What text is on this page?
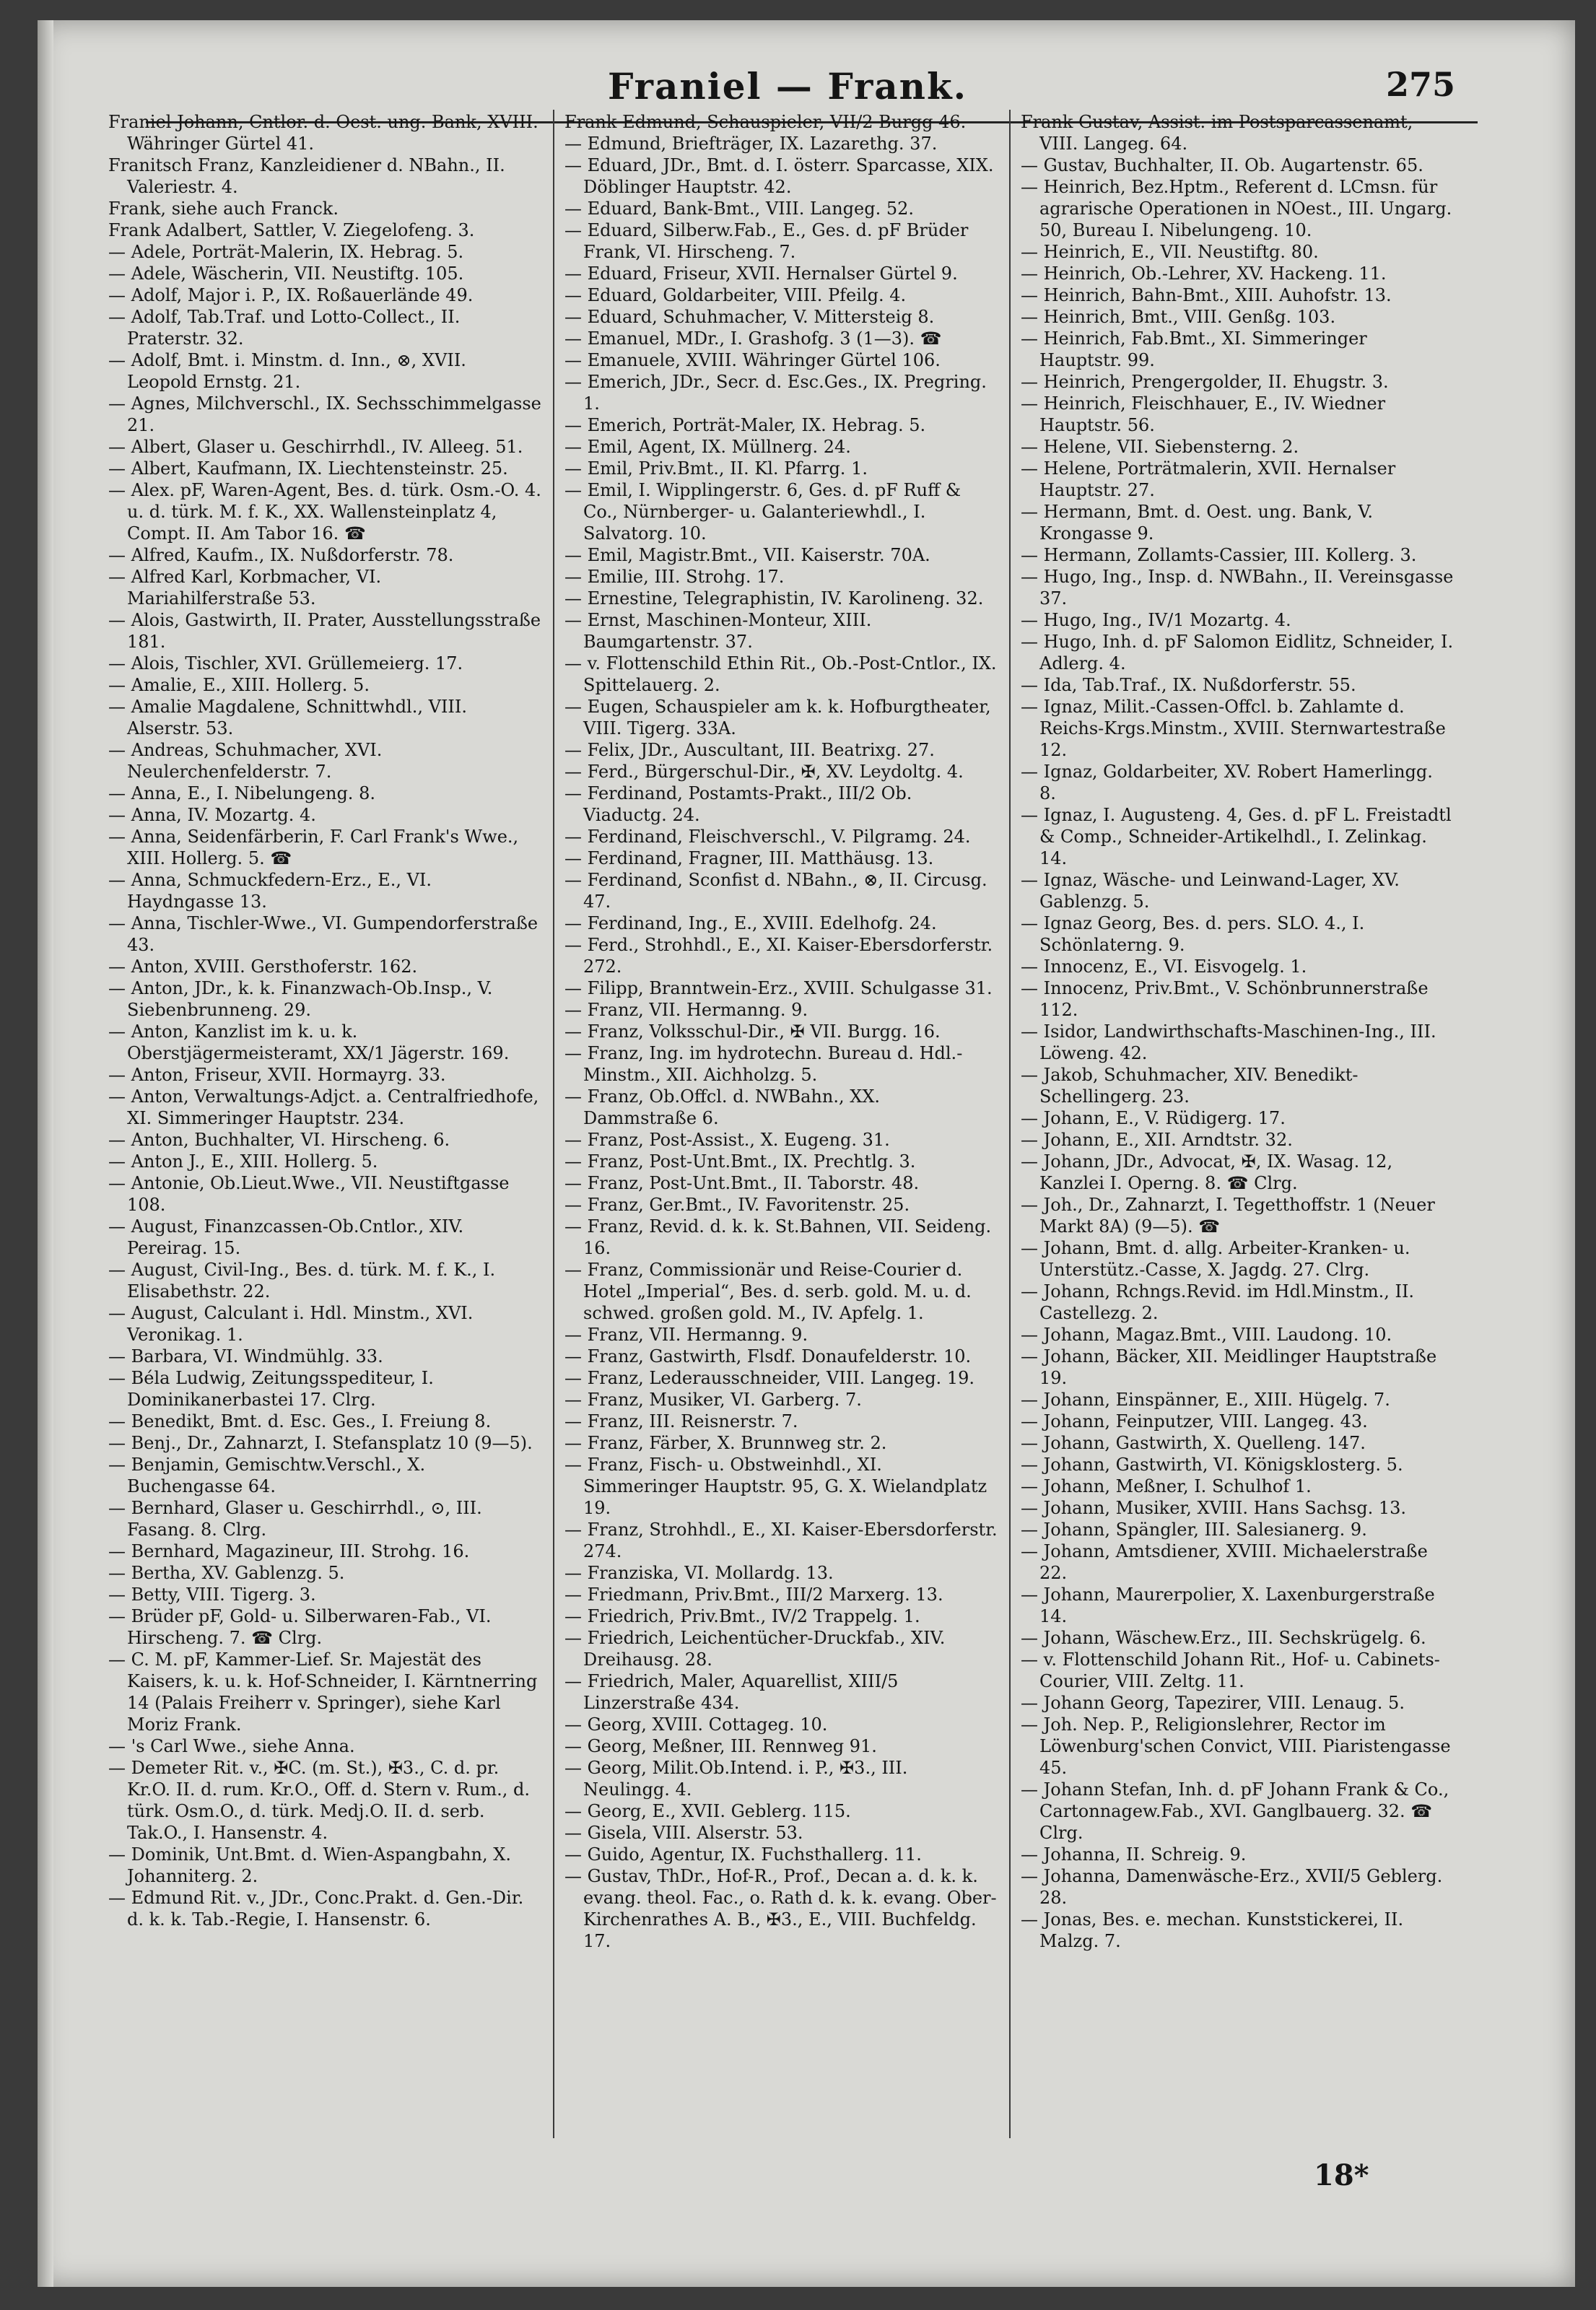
Franiel — Frank.	275
Franiel Johann, Cntlor. d. Oest. ung. Bank, XVIII. Währinger Gürtel 41.
Franitsch Franz, Kanzleidiener d. NBahn., II. Valeriestr. 4.
Frank, siehe auch Franck.
Frank Adalbert, Sattler, V. Ziegelofeng. 3.
— Adele, Porträt-Malerin, IX. Hebrag. 5.
— Adele, Wäscherin, VII. Neustiftg. 105.
— Adolf, Major i. P., IX. Roßauerlände 49.
— Adolf, Tab.Traf. und Lotto-Collect., II. Praterstr. 32.
— Adolf, Bmt. i. Minstm. d. Inn., ⊗, XVII. Leopold Ernstg. 21.
— Agnes, Milchverschl., IX. Sechsschimmelgasse 21.
— Albert, Glaser u. Geschirrhdl., IV. Alleeg. 51.
— Albert, Kaufmann, IX. Liechtensteinstr. 25.
— Alex. pF, Waren-Agent, Bes. d. türk. Osm.-O. 4. u. d. türk. M. f. K., XX. Wallensteinplatz 4, Compt. II. Am Tabor 16. ☎
— Alfred, Kaufm., IX. Nußdorferstr. 78.
— Alfred Karl, Korbmacher, VI. Mariahilferstraße 53.
— Alois, Gastwirth, II. Prater, Ausstellungsstraße 181.
— Alois, Tischler, XVI. Grüllemeierg. 17.
— Amalie, E., XIII. Hollerg. 5.
— Amalie Magdalene, Schnittwhdl., VIII. Alserstr. 53.
— Andreas, Schuhmacher, XVI. Neulerchenfelderstr. 7.
— Anna, E., I. Nibelungeng. 8.
— Anna, IV. Mozartg. 4.
— Anna, Seidenfärberin, F. Carl Frank's Wwe., XIII. Hollerg. 5. ☎
— Anna, Schmuckfedern-Erz., E., VI. Haydngasse 13.
— Anna, Tischler-Wwe., VI. Gumpendorferstraße 43.
— Anton, XVIII. Gersthoferstr. 162.
— Anton, JDr., k. k. Finanzwach-Ob.Insp., V. Siebenbrunneng. 29.
— Anton, Kanzlist im k. u. k. Oberstjägermeisteramt, XX/1 Jägerstr. 169.
— Anton, Friseur, XVII. Hormayrg. 33.
— Anton, Verwaltungs-Adjct. a. Centralfriedhofe, XI. Simmeringer Hauptstr. 234.
— Anton, Buchhalter, VI. Hirscheng. 6.
— Anton J., E., XIII. Hollerg. 5.
— Antonie, Ob.Lieut.Wwe., VII. Neustiftgasse 108.
— August, Finanzcassen-Ob.Cntlor., XIV. Pereirag. 15.
— August, Civil-Ing., Bes. d. türk. M. f. K., I. Elisabethstr. 22.
— August, Calculant i. Hdl. Minstm., XVI. Veronikag. 1.
— Barbara, VI. Windmühlg. 33.
— Béla Ludwig, Zeitungsspediteur, I. Dominikanerbastei 17. Clrg.
— Benedikt, Bmt. d. Esc. Ges., I. Freiung 8.
— Benj., Dr., Zahnarzt, I. Stefansplatz 10 (9—5).
— Benjamin, Gemischtw.Verschl., X. Buchengasse 64.
— Bernhard, Glaser u. Geschirrhdl., ⊙, III. Fasang. 8. Clrg.
— Bernhard, Magazineur, III. Strohg. 16.
— Bertha, XV. Gablenzg. 5.
— Betty, VIII. Tigerg. 3.
— Brüder pF, Gold- u. Silberwaren-Fab., VI. Hirscheng. 7. ☎ Clrg.
— C. M. pF, Kammer-Lief. Sr. Majestät des Kaisers, k. u. k. Hof-Schneider, I. Kärntnerring 14 (Palais Freiherr v. Springer), siehe Karl Moriz Frank.
— 's Carl Wwe., siehe Anna.
— Demeter Rit. v., ✠C. (m. St.), ✠3., C. d. pr. Kr.O. II. d. rum. Kr.O., Off. d. Stern v. Rum., d. türk. Osm.O., d. türk. Medj.O. II. d. serb. Tak.O., I. Hansenstr. 4.
— Dominik, Unt.Bmt. d. Wien-Aspangbahn, X. Johanniterg. 2.
— Edmund Rit. v., JDr., Conc.Prakt. d. Gen.-Dir. d. k. k. Tab.-Regie, I. Hansenstr. 6.
Frank Edmund, Schauspieler, VII/2 Burgg 46.
— Edmund, Briefträger, IX. Lazarethg. 37.
— Eduard, JDr., Bmt. d. I. österr. Sparcasse, XIX. Döblinger Hauptstr. 42.
— Eduard, Bank-Bmt., VIII. Langeg. 52.
— Eduard, Silberw.Fab., E., Ges. d. pF Brüder Frank, VI. Hirscheng. 7.
— Eduard, Friseur, XVII. Hernalser Gürtel 9.
— Eduard, Goldarbeiter, VIII. Pfeilg. 4.
— Eduard, Schuhmacher, V. Mittersteig 8.
— Emanuel, MDr., I. Grashofg. 3 (1—3). ☎
— Emanuele, XVIII. Währinger Gürtel 106.
— Emerich, JDr., Secr. d. Esc.Ges., IX. Pregring. 1.
— Emerich, Porträt-Maler, IX. Hebrag. 5.
— Emil, Agent, IX. Müllnerg. 24.
— Emil, Priv.Bmt., II. Kl. Pfarrg. 1.
— Emil, I. Wipplingerstr. 6, Ges. d. pF Ruff & Co., Nürnberger- u. Galanteriewhdl., I. Salvatorg. 10.
— Emil, Magistr.Bmt., VII. Kaiserstr. 70A.
— Emilie, III. Strohg. 17.
— Ernestine, Telegraphistin, IV. Karolineng. 32.
— Ernst, Maschinen-Monteur, XIII. Baumgartenstr. 37.
— v. Flottenschild Ethin Rit., Ob.-Post-Cntlor., IX. Spittelauerg. 2.
— Eugen, Schauspieler am k. k. Hofburgtheater, VIII. Tigerg. 33A.
— Felix, JDr., Auscultant, III. Beatrixg. 27.
— Ferd., Bürgerschul-Dir., ✠, XV. Leydoltg. 4.
— Ferdinand, Postamts-Prakt., III/2 Ob. Viaductg. 24.
— Ferdinand, Fleischverschl., V. Pilgramg. 24.
— Ferdinand, Fragner, III. Matthäusg. 13.
— Ferdinand, Sconfist d. NBahn., ⊗, II. Circusg. 47.
— Ferdinand, Ing., E., XVIII. Edelhofg. 24.
— Ferd., Strohhdl., E., XI. Kaiser-Ebersdorferstr. 272.
— Filipp, Branntwein-Erz., XVIII. Schulgasse 31.
— Franz, VII. Hermanng. 9.
— Franz, Volksschul-Dir., ✠ VII. Burgg. 16.
— Franz, Ing. im hydrotechn. Bureau d. Hdl.-Minstm., XII. Aichholzg. 5.
— Franz, Ob.Offcl. d. NWBahn., XX. Dammstraße 6.
— Franz, Post-Assist., X. Eugeng. 31.
— Franz, Post-Unt.Bmt., IX. Prechtlg. 3.
— Franz, Post-Unt.Bmt., II. Taborstr. 48.
— Franz, Ger.Bmt., IV. Favoritenstr. 25.
— Franz, Revid. d. k. k. St.Bahnen, VII. Seideng. 16.
— Franz, Commissionär und Reise-Courier d. Hotel „Imperial“, Bes. d. serb. gold. M. u. d. schwed. großen gold. M., IV. Apfelg. 1.
— Franz, VII. Hermanng. 9.
— Franz, Gastwirth, Flsdf. Donaufelderstr. 10.
— Franz, Lederausschneider, VIII. Langeg. 19.
— Franz, Musiker, VI. Garberg. 7.
— Franz, III. Reisnerstr. 7.
— Franz, Färber, X. Brunnweg str. 2.
— Franz, Fisch- u. Obstweinhdl., XI. Simmeringer Hauptstr. 95, G. X. Wielandplatz 19.
— Franz, Strohhdl., E., XI. Kaiser-Ebersdorferstr. 274.
— Franziska, VI. Mollardg. 13.
— Friedmann, Priv.Bmt., III/2 Marxerg. 13.
— Friedrich, Priv.Bmt., IV/2 Trappelg. 1.
— Friedrich, Leichentücher-Druckfab., XIV. Dreihausg. 28.
— Friedrich, Maler, Aquarellist, XIII/5 Linzerstraße 434.
— Georg, XVIII. Cottageg. 10.
— Georg, Meßner, III. Rennweg 91.
— Georg, Milit.Ob.Intend. i. P., ✠3., III. Neulingg. 4.
— Georg, E., XVII. Geblerg. 115.
— Gisela, VIII. Alserstr. 53.
— Guido, Agentur, IX. Fuchsthallerg. 11.
— Gustav, ThDr., Hof-R., Prof., Decan a. d. k. k. evang. theol. Fac., o. Rath d. k. k. evang. Ober-Kirchenrathes A. B., ✠3., E., VIII. Buchfeldg. 17.
Frank Gustav, Assist. im Postsparcassenamt, VIII. Langeg. 64.
— Gustav, Buchhalter, II. Ob. Augartenstr. 65.
— Heinrich, Bez.Hptm., Referent d. LCmsn. für agrarische Operationen in NOest., III. Ungarg. 50, Bureau I. Nibelungeng. 10.
— Heinrich, E., VII. Neustiftg. 80.
— Heinrich, Ob.-Lehrer, XV. Hackeng. 11.
— Heinrich, Bahn-Bmt., XIII. Auhofstr. 13.
— Heinrich, Bmt., VIII. Genßg. 103.
— Heinrich, Fab.Bmt., XI. Simmeringer Hauptstr. 99.
— Heinrich, Prengergolder, II. Ehugstr. 3.
— Heinrich, Fleischhauer, E., IV. Wiedner Hauptstr. 56.
— Helene, VII. Siebensterng. 2.
— Helene, Porträtmalerin, XVII. Hernalser Hauptstr. 27.
— Hermann, Bmt. d. Oest. ung. Bank, V. Krongasse 9.
— Hermann, Zollamts-Cassier, III. Kollerg. 3.
— Hugo, Ing., Insp. d. NWBahn., II. Vereinsgasse 37.
— Hugo, Ing., IV/1 Mozartg. 4.
— Hugo, Inh. d. pF Salomon Eidlitz, Schneider, I. Adlerg. 4.
— Ida, Tab.Traf., IX. Nußdorferstr. 55.
— Ignaz, Milit.-Cassen-Offcl. b. Zahlamte d. Reichs-Krgs.Minstm., XVIII. Sternwartestraße 12.
— Ignaz, Goldarbeiter, XV. Robert Hamerlingg. 8.
— Ignaz, I. Augusteng. 4, Ges. d. pF L. Freistadtl & Comp., Schneider-Artikelhdl., I. Zelinkag. 14.
— Ignaz, Wäsche- und Leinwand-Lager, XV. Gablenzg. 5.
— Ignaz Georg, Bes. d. pers. SLO. 4., I. Schönlaterng. 9.
— Innocenz, E., VI. Eisvogelg. 1.
— Innocenz, Priv.Bmt., V. Schönbrunnerstraße 112.
— Isidor, Landwirthschafts-Maschinen-Ing., III. Löweng. 42.
— Jakob, Schuhmacher, XIV. Benedikt-Schellingerg. 23.
— Johann, E., V. Rüdigerg. 17.
— Johann, E., XII. Arndtstr. 32.
— Johann, JDr., Advocat, ✠, IX. Wasag. 12, Kanzlei I. Operng. 8. ☎ Clrg.
— Joh., Dr., Zahnarzt, I. Tegetthoffstr. 1 (Neuer Markt 8A) (9—5). ☎
— Johann, Bmt. d. allg. Arbeiter-Kranken- u. Unterstütz.-Casse, X. Jagdg. 27. Clrg.
— Johann, Rchngs.Revid. im Hdl.Minstm., II. Castellezg. 2.
— Johann, Magaz.Bmt., VIII. Laudong. 10.
— Johann, Bäcker, XII. Meidlinger Hauptstraße 19.
— Johann, Einspänner, E., XIII. Hügelg. 7.
— Johann, Feinputzer, VIII. Langeg. 43.
— Johann, Gastwirth, X. Quelleng. 147.
— Johann, Gastwirth, VI. Königsklosterg. 5.
— Johann, Meßner, I. Schulhof 1.
— Johann, Musiker, XVIII. Hans Sachsg. 13.
— Johann, Spängler, III. Salesianerg. 9.
— Johann, Amtsdiener, XVIII. Michaelerstraße 22.
— Johann, Maurerpolier, X. Laxenburgerstraße 14.
— Johann, Wäschew.Erz., III. Sechskrügelg. 6.
— v. Flottenschild Johann Rit., Hof- u. Cabinets-Courier, VIII. Zeltg. 11.
— Johann Georg, Tapezirer, VIII. Lenaug. 5.
— Joh. Nep. P., Religionslehrer, Rector im Löwenburg'schen Convict, VIII. Piaristengasse 45.
— Johann Stefan, Inh. d. pF Johann Frank & Co., Cartonnagew.Fab., XVI. Ganglbauerg. 32. ☎ Clrg.
— Johanna, II. Schreig. 9.
— Johanna, Damenwäsche-Erz., XVII/5 Geblerg. 28.
— Jonas, Bes. e. mechan. Kunststickerei, II. Malzg. 7.
18*
